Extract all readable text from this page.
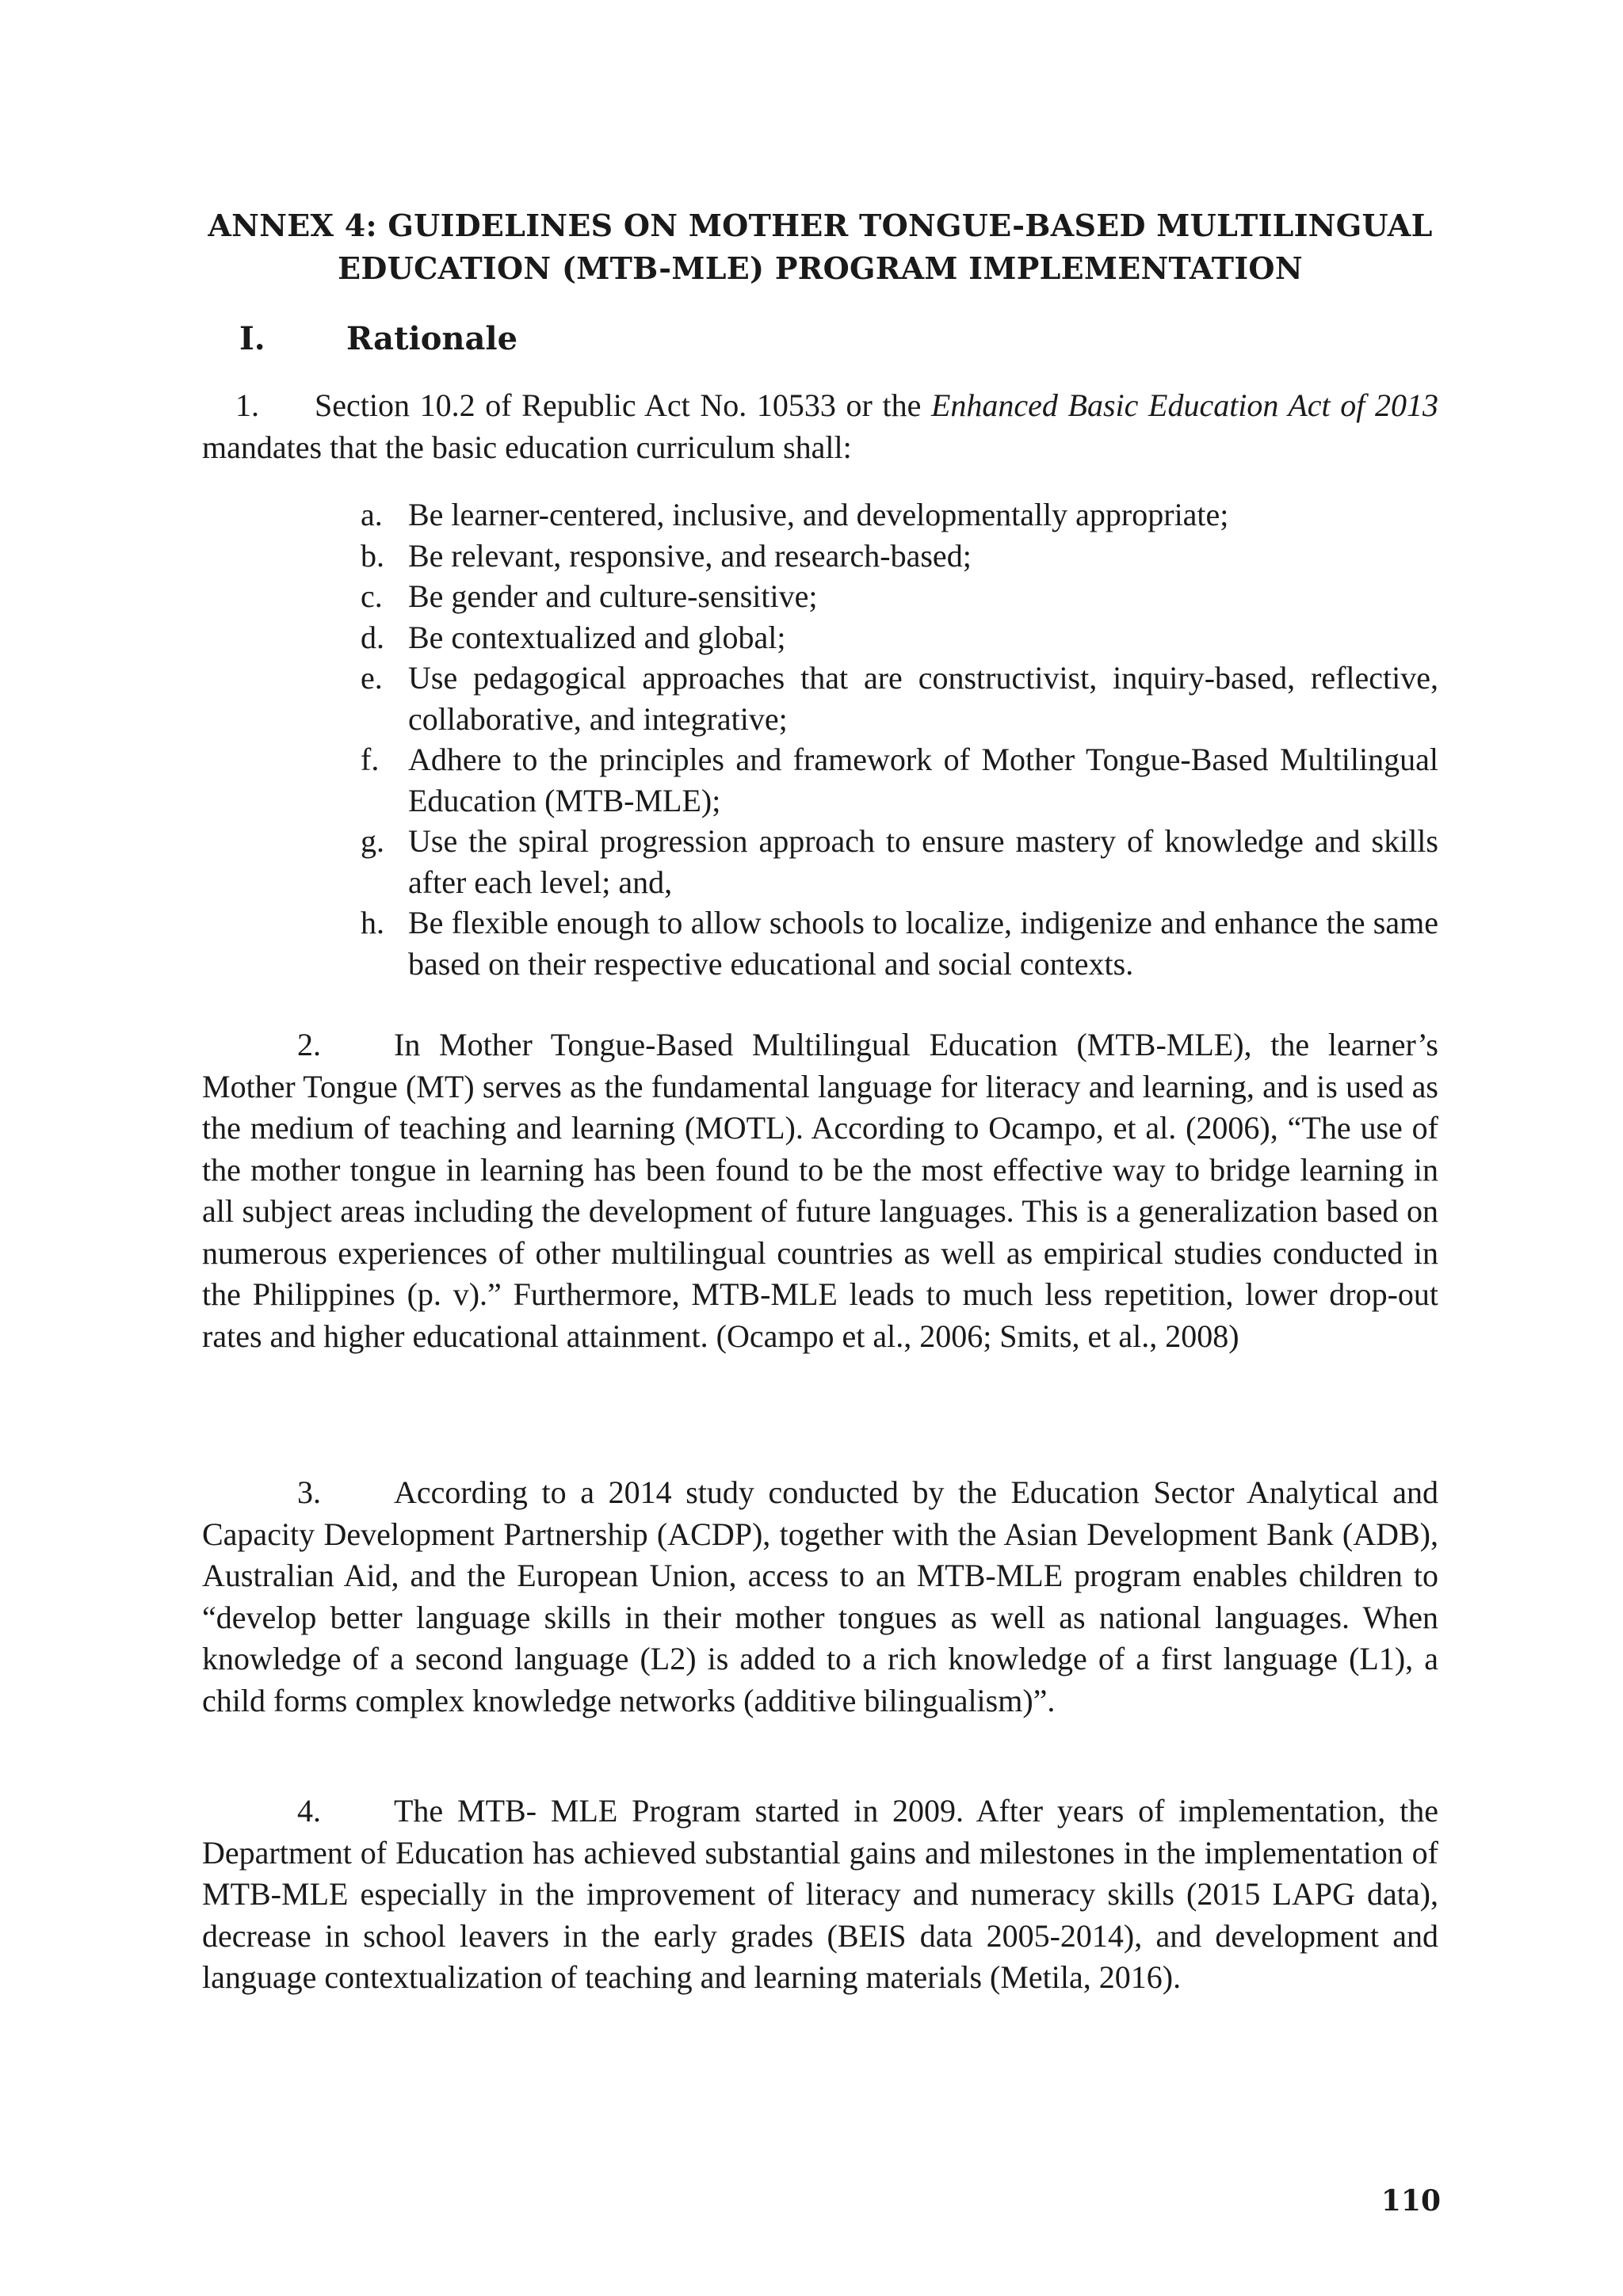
ANNEX 4: GUIDELINES ON MOTHER TONGUE-BASED MULTILINGUAL
EDUCATION (MTB-MLE) PROGRAM IMPLEMENTATION
I.	Rationale
1. Section 10.2 of Republic Act No. 10533 or the Enhanced Basic Education Act of 2013 mandates that the basic education curriculum shall:
a. Be learner-centered, inclusive, and developmentally appropriate;
b. Be relevant, responsive, and research-based;
c. Be gender and culture-sensitive;
d. Be contextualized and global;
e. Use pedagogical approaches that are constructivist, inquiry-based, reflective, collaborative, and integrative;
f. Adhere to the principles and framework of Mother Tongue-Based Multilingual Education (MTB-MLE);
g. Use the spiral progression approach to ensure mastery of knowledge and skills after each level; and,
h. Be flexible enough to allow schools to localize, indigenize and enhance the same based on their respective educational and social contexts.
2. In Mother Tongue-Based Multilingual Education (MTB-MLE), the learner’s Mother Tongue (MT) serves as the fundamental language for literacy and learning, and is used as the medium of teaching and learning (MOTL). According to Ocampo, et al. (2006), “The use of the mother tongue in learning has been found to be the most effective way to bridge learning in all subject areas including the development of future languages. This is a generalization based on numerous experiences of other multilingual countries as well as empirical studies conducted in the Philippines (p. v).” Furthermore, MTB-MLE leads to much less repetition, lower drop-out rates and higher educational attainment. (Ocampo et al., 2006; Smits, et al., 2008)
3. According to a 2014 study conducted by the Education Sector Analytical and Capacity Development Partnership (ACDP), together with the Asian Development Bank (ADB), Australian Aid, and the European Union, access to an MTB-MLE program enables children to “develop better language skills in their mother tongues as well as national languages. When knowledge of a second language (L2) is added to a rich knowledge of a first language (L1), a child forms complex knowledge networks (additive bilingualism)”.
4. The MTB- MLE Program started in 2009. After years of implementation, the Department of Education has achieved substantial gains and milestones in the implementation of MTB-MLE especially in the improvement of literacy and numeracy skills (2015 LAPG data), decrease in school leavers in the early grades (BEIS data 2005-2014), and development and language contextualization of teaching and learning materials (Metila, 2016).
110
